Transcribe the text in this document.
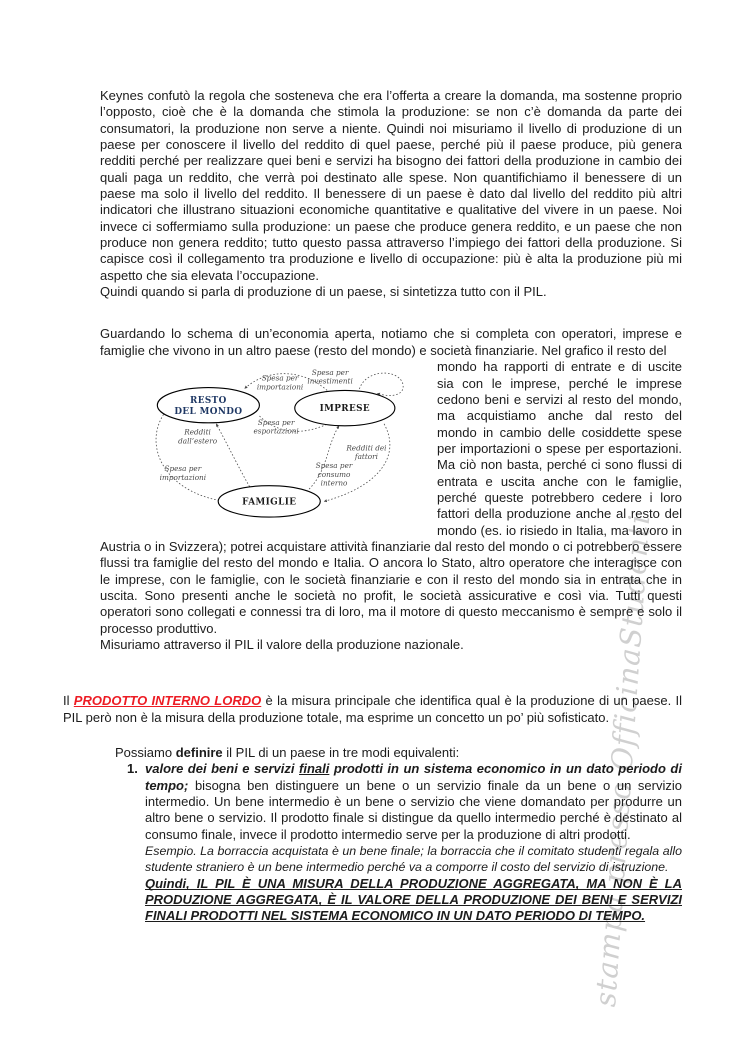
stampa presso OfficinaStudenti

Keynes confutò la regola che sosteneva che era l’offerta a creare la domanda, ma sostenne proprio l’opposto, cioè che è la domanda che stimola la produzione: se non c’è domanda da parte dei consumatori, la produzione non serve a niente. Quindi noi misuriamo il livello di produzione di un paese per conoscere il livello del reddito di quel paese, perché più il paese produce, più genera redditi perché per realizzare quei beni e servizi ha bisogno dei fattori della produzione in cambio dei quali paga un reddito, che verrà poi destinato alle spese. Non quantifichiamo il benessere di un paese ma solo il livello del reddito. Il benessere di un paese è dato dal livello del reddito più altri indicatori che illustrano situazioni economiche quantitative e qualitative del vivere in un paese. Noi invece ci soffermiamo sulla produzione: un paese che produce genera reddito, e un paese che non produce non genera reddito; tutto questo passa attraverso l’impiego dei fattori della produzione. Si capisce così il collegamento tra produzione e livello di occupazione: più è alta la produzione più mi aspetto che sia elevata l’occupazione.
Quindi quando si parla di produzione di un paese, si sintetizza tutto con il PIL.

Guardando lo schema di un’economia aperta, notiamo che si completa con operatori, imprese e famiglie che vivono in un altro paese (resto del mondo) e società finanziarie. Nel grafico il resto del

RESTO
DEL MONDO	IMPRESE
FAMIGLIE
Spesa per
importazioni
Spesa per
investimenti
Spesa per
esportazioni
Redditi
dall’estero
Redditi dei
fattori
Spesa per
consumo
interno
Spesa per
importazioni
mondo ha rapporti di entrate e di uscite sia con le imprese, perché le imprese cedono beni e servizi al resto del mondo, ma acquistiamo anche dal resto del mondo in cambio delle cosiddette spese per importazioni o spese per esportazioni. Ma ciò non basta, perché ci sono flussi di entrata e uscita anche con le famiglie, perché queste potrebbero cedere i loro fattori della produzione anche al resto del mondo (es. io risiedo in Italia, ma lavoro in Austria o in Svizzera); potrei acquistare attività finanziarie dal resto del mondo o ci potrebbero essere flussi tra famiglie del resto del mondo e Italia. O ancora lo Stato, altro operatore che interagisce con le imprese, con le famiglie, con le società finanziarie e con il resto del mondo sia in entrata che in uscita. Sono presenti anche le società no profit, le società assicurative e così via. Tutti questi operatori sono collegati e connessi tra di loro, ma il motore di questo meccanismo è sempre e solo il processo produttivo.
Misuriamo attraverso il PIL il valore della produzione nazionale.

Il PRODOTTO INTERNO LORDO è la misura principale che identifica qual è la produzione di un paese. Il PIL però non è la misura della produzione totale, ma esprime un concetto un po’ più sofisticato.

Possiamo definire il PIL di un paese in tre modi equivalenti:

1. valore dei beni e servizi finali prodotti in un sistema economico in un dato periodo di tempo; bisogna ben distinguere un bene o un servizio finale da un bene o un servizio intermedio. Un bene intermedio è un bene o servizio che viene domandato per produrre un altro bene o servizio. Il prodotto finale si distingue da quello intermedio perché è destinato al consumo finale, invece il prodotto intermedio serve per la produzione di altri prodotti.
Esempio. La borraccia acquistata è un bene finale; la borraccia che il comitato studenti regala allo studente straniero è un bene intermedio perché va a comporre il costo del servizio di istruzione.
Quindi, IL PIL È UNA MISURA DELLA PRODUZIONE AGGREGATA, MA NON È LA PRODUZIONE AGGREGATA, È IL VALORE DELLA PRODUZIONE DEI BENI E SERVIZI FINALI PRODOTTI NEL SISTEMA ECONOMICO IN UN DATO PERIODO DI TEMPO.
